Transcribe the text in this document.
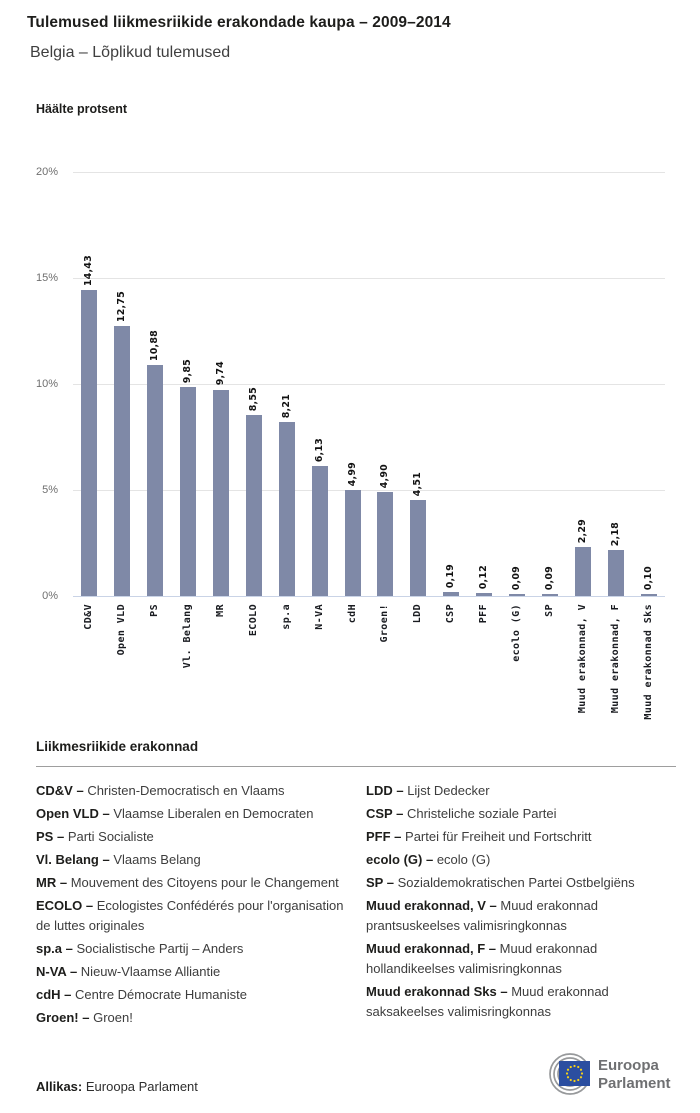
Tulemused liikmesriikide erakondade kaupa – 2009–2014
Belgia – Lõplikud tulemused
Häälte protsent
0%
5%
10%
15%
20%
14,43
CD&V
12,75
Open VLD
10,88
PS
9,85
Vl. Belang
9,74
MR
8,55
ECOLO
8,21
sp.a
6,13
N-VA
4,99
cdH
4,90
Groen!
4,51
LDD
0,19
CSP
0,12
PFF
0,09
ecolo (G)
0,09
SP
2,29
Muud erakonnad, V
2,18
Muud erakonnad, F
0,10
Muud erakonnad Sks
Liikmesriikide erakonnad
CD&V – Christen-Democratisch en Vlaams
Open VLD – Vlaamse Liberalen en Democraten
PS – Parti Socialiste
Vl. Belang – Vlaams Belang
MR – Mouvement des Citoyens pour le Changement
ECOLO – Ecologistes Confédérés pour l'organisation de luttes originales
sp.a – Socialistische Partij – Anders
N-VA – Nieuw-Vlaamse Alliantie
cdH – Centre Démocrate Humaniste
Groen! – Groen!
LDD – Lijst Dedecker
CSP – Christeliche soziale Partei
PFF – Partei für Freiheit und Fortschritt
ecolo (G) – ecolo (G)
SP – Sozialdemokratischen Partei Ostbelgiëns
Muud erakonnad, V – Muud erakonnad prantsuskeelses valimisringkonnas
Muud erakonnad, F – Muud erakonnad hollandikeelses valimisringkonnas
Muud erakonnad Sks – Muud erakonnad saksakeelses valimisringkonnas
Allikas: Euroopa Parlament
Euroopa
Parlament
